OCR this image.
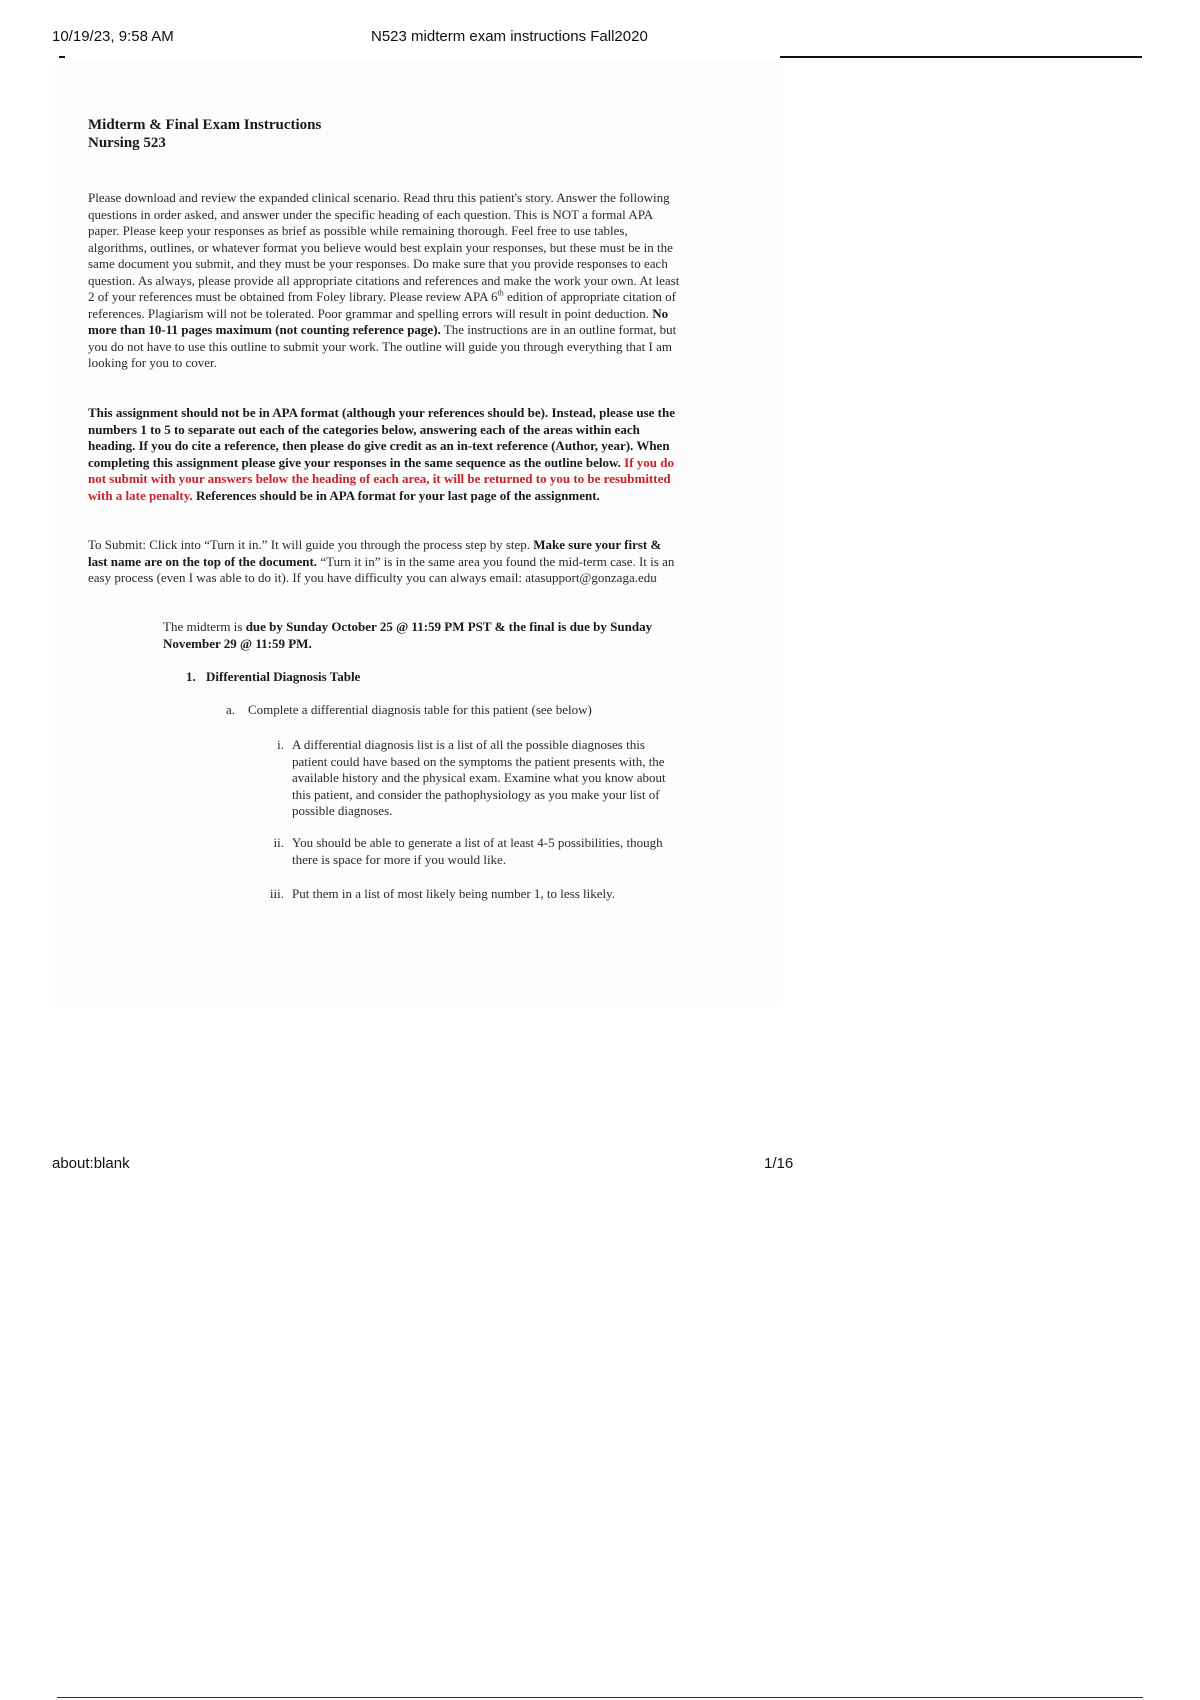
10/19/23, 9:58 AM	N523 midterm exam instructions Fall2020
Midterm & Final Exam Instructions
Nursing 523
Please download and review the expanded clinical scenario. Read thru this patient's story. Answer the following questions in order asked, and answer under the specific heading of each question. This is NOT a formal APA paper. Please keep your responses as brief as possible while remaining thorough. Feel free to use tables, algorithms, outlines, or whatever format you believe would best explain your responses, but these must be in the same document you submit, and they must be your responses. Do make sure that you provide responses to each question. As always, please provide all appropriate citations and references and make the work your own. At least 2 of your references must be obtained from Foley library. Please review APA 6th edition of appropriate citation of references. Plagiarism will not be tolerated. Poor grammar and spelling errors will result in point deduction. No more than 10-11 pages maximum (not counting reference page). The instructions are in an outline format, but you do not have to use this outline to submit your work. The outline will guide you through everything that I am looking for you to cover.
This assignment should not be in APA format (although your references should be). Instead, please use the numbers 1 to 5 to separate out each of the categories below, answering each of the areas within each heading. If you do cite a reference, then please do give credit as an in-text reference (Author, year). When completing this assignment please give your responses in the same sequence as the outline below. If you do not submit with your answers below the heading of each area, it will be returned to you to be resubmitted with a late penalty. References should be in APA format for your last page of the assignment.
To Submit: Click into “Turn it in.” It will guide you through the process step by step. Make sure your first & last name are on the top of the document. “Turn it in” is in the same area you found the mid-term case. It is an easy process (even I was able to do it). If you have difficulty you can always email: atasupport@gonzaga.edu
The midterm is due by Sunday October 25 @ 11:59 PM PST & the final is due by Sunday November 29 @ 11:59 PM.
1. Differential Diagnosis Table
a. Complete a differential diagnosis table for this patient (see below)
i. A differential diagnosis list is a list of all the possible diagnoses this patient could have based on the symptoms the patient presents with, the available history and the physical exam. Examine what you know about this patient, and consider the pathophysiology as you make your list of possible diagnoses.
ii. You should be able to generate a list of at least 4-5 possibilities, though there is space for more if you would like.
iii. Put them in a list of most likely being number 1, to less likely.
about:blank	1/16
